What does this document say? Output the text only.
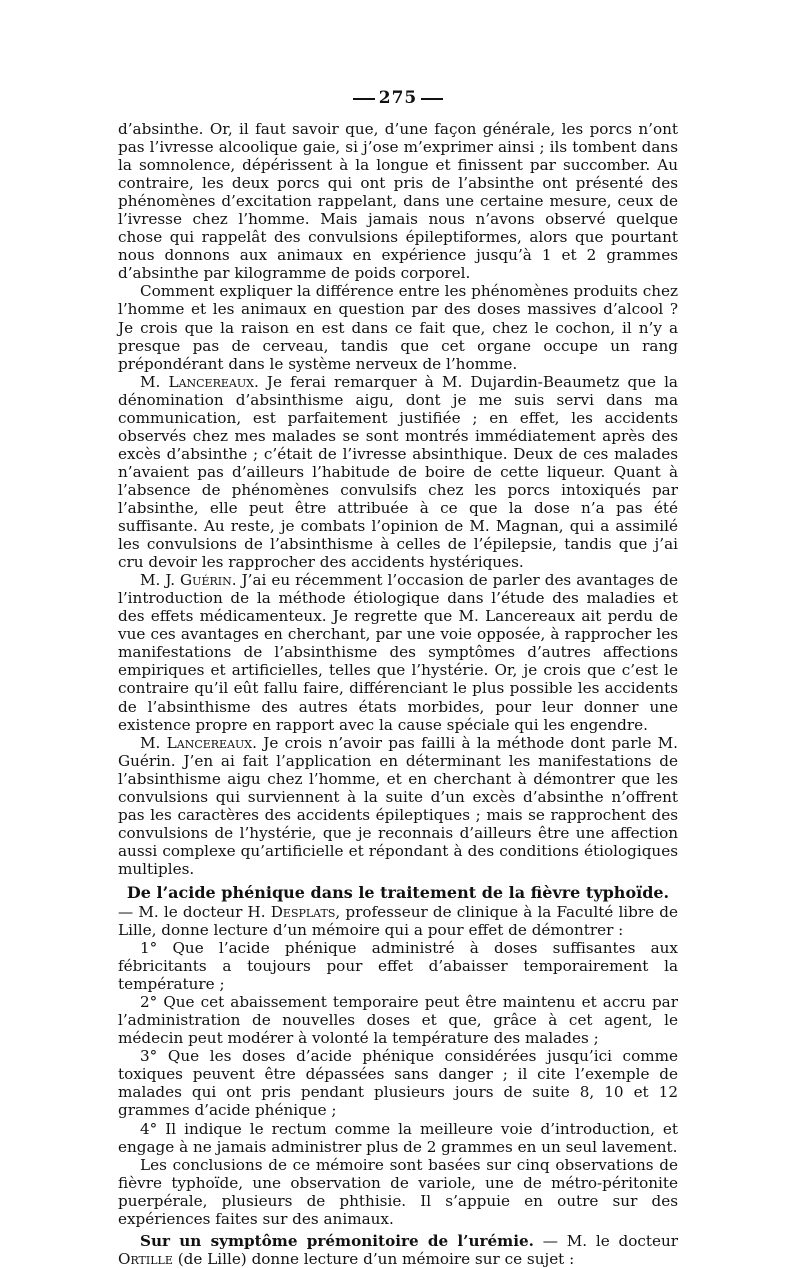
275

d’absinthe. Or, il faut savoir que, d’une façon générale, les porcs n’ont pas l’ivresse alcoolique gaie, si j’ose m’exprimer ainsi ; ils tombent dans la somnolence, dépérissent à la longue et finissent par succomber. Au contraire, les deux porcs qui ont pris de l’absinthe ont présenté des phénomènes d’excitation rappelant, dans une certaine mesure, ceux de l’ivresse chez l’homme. Mais jamais nous n’avons observé quelque chose qui rappelât des convulsions épileptiformes, alors que pourtant nous donnons aux animaux en expérience jusqu’à 1 et 2 grammes d’absinthe par kilogramme de poids corporel.

Comment expliquer la différence entre les phénomènes produits chez l’homme et les animaux en question par des doses massives d’alcool ? Je crois que la raison en est dans ce fait que, chez le cochon, il n’y a presque pas de cerveau, tandis que cet organe occupe un rang prépondérant dans le système nerveux de l’homme.

M. Lancereaux. Je ferai remarquer à M. Dujardin-Beaumetz que la dénomination d’absinthisme aigu, dont je me suis servi dans ma communication, est parfaitement justifiée ; en effet, les accidents observés chez mes malades se sont montrés immédiatement après des excès d’absinthe ; c’était de l’ivresse absinthique. Deux de ces malades n’avaient pas d’ailleurs l’habitude de boire de cette liqueur. Quant à l’absence de phénomènes convulsifs chez les porcs intoxiqués par l’absinthe, elle peut être attribuée à ce que la dose n’a pas été suffisante. Au reste, je combats l’opinion de M. Magnan, qui a assimilé les convulsions de l’absinthisme à celles de l’épilepsie, tandis que j’ai cru devoir les rapprocher des accidents hystériques.

M. J. Guérin. J’ai eu récemment l’occasion de parler des avantages de l’introduction de la méthode étiologique dans l’étude des maladies et des effets médicamenteux. Je regrette que M. Lancereaux ait perdu de vue ces avantages en cherchant, par une voie opposée, à rapprocher les manifestations de l’absinthisme des symptômes d’autres affections empiriques et artificielles, telles que l’hystérie. Or, je crois que c’est le contraire qu’il eût fallu faire, différenciant le plus possible les accidents de l’absinthisme des autres états morbides, pour leur donner une existence propre en rapport avec la cause spéciale qui les engendre.

M. Lancereaux. Je crois n’avoir pas failli à la méthode dont parle M. Guérin. J’en ai fait l’application en déterminant les manifestations de l’absinthisme aigu chez l’homme, et en cherchant à démontrer que les convulsions qui surviennent à la suite d’un excès d’absinthe n’offrent pas les caractères des accidents épileptiques ; mais se rapprochent des convulsions de l’hystérie, que je reconnais d’ailleurs être une affection aussi complexe qu’artificielle et répondant à des conditions étiologiques multiples.

De l’acide phénique dans le traitement de la fièvre typhoïde.

— M. le docteur H. Desplats, professeur de clinique à la Faculté libre de Lille, donne lecture d’un mémoire qui a pour effet de démontrer :

1° Que l’acide phénique administré à doses suffisantes aux fébricitants a toujours pour effet d’abaisser temporairement la température ;

2° Que cet abaissement temporaire peut être maintenu et accru par l’administration de nouvelles doses et que, grâce à cet agent, le médecin peut modérer à volonté la température des malades ;

3° Que les doses d’acide phénique considérées jusqu’ici comme toxiques peuvent être dépassées sans danger ; il cite l’exemple de malades qui ont pris pendant plusieurs jours de suite 8, 10 et 12 grammes d’acide phénique ;

4° Il indique le rectum comme la meilleure voie d’introduction, et engage à ne jamais administrer plus de 2 grammes en un seul lavement.

Les conclusions de ce mémoire sont basées sur cinq observations de fièvre typhoïde, une observation de variole, une de métro-péritonite puerpérale, plusieurs de phthisie. Il s’appuie en outre sur des expériences faites sur des animaux.

Sur un symptôme prémonitoire de l’urémie. — M. le docteur Ortille (de Lille) donne lecture d’un mémoire sur ce sujet :
